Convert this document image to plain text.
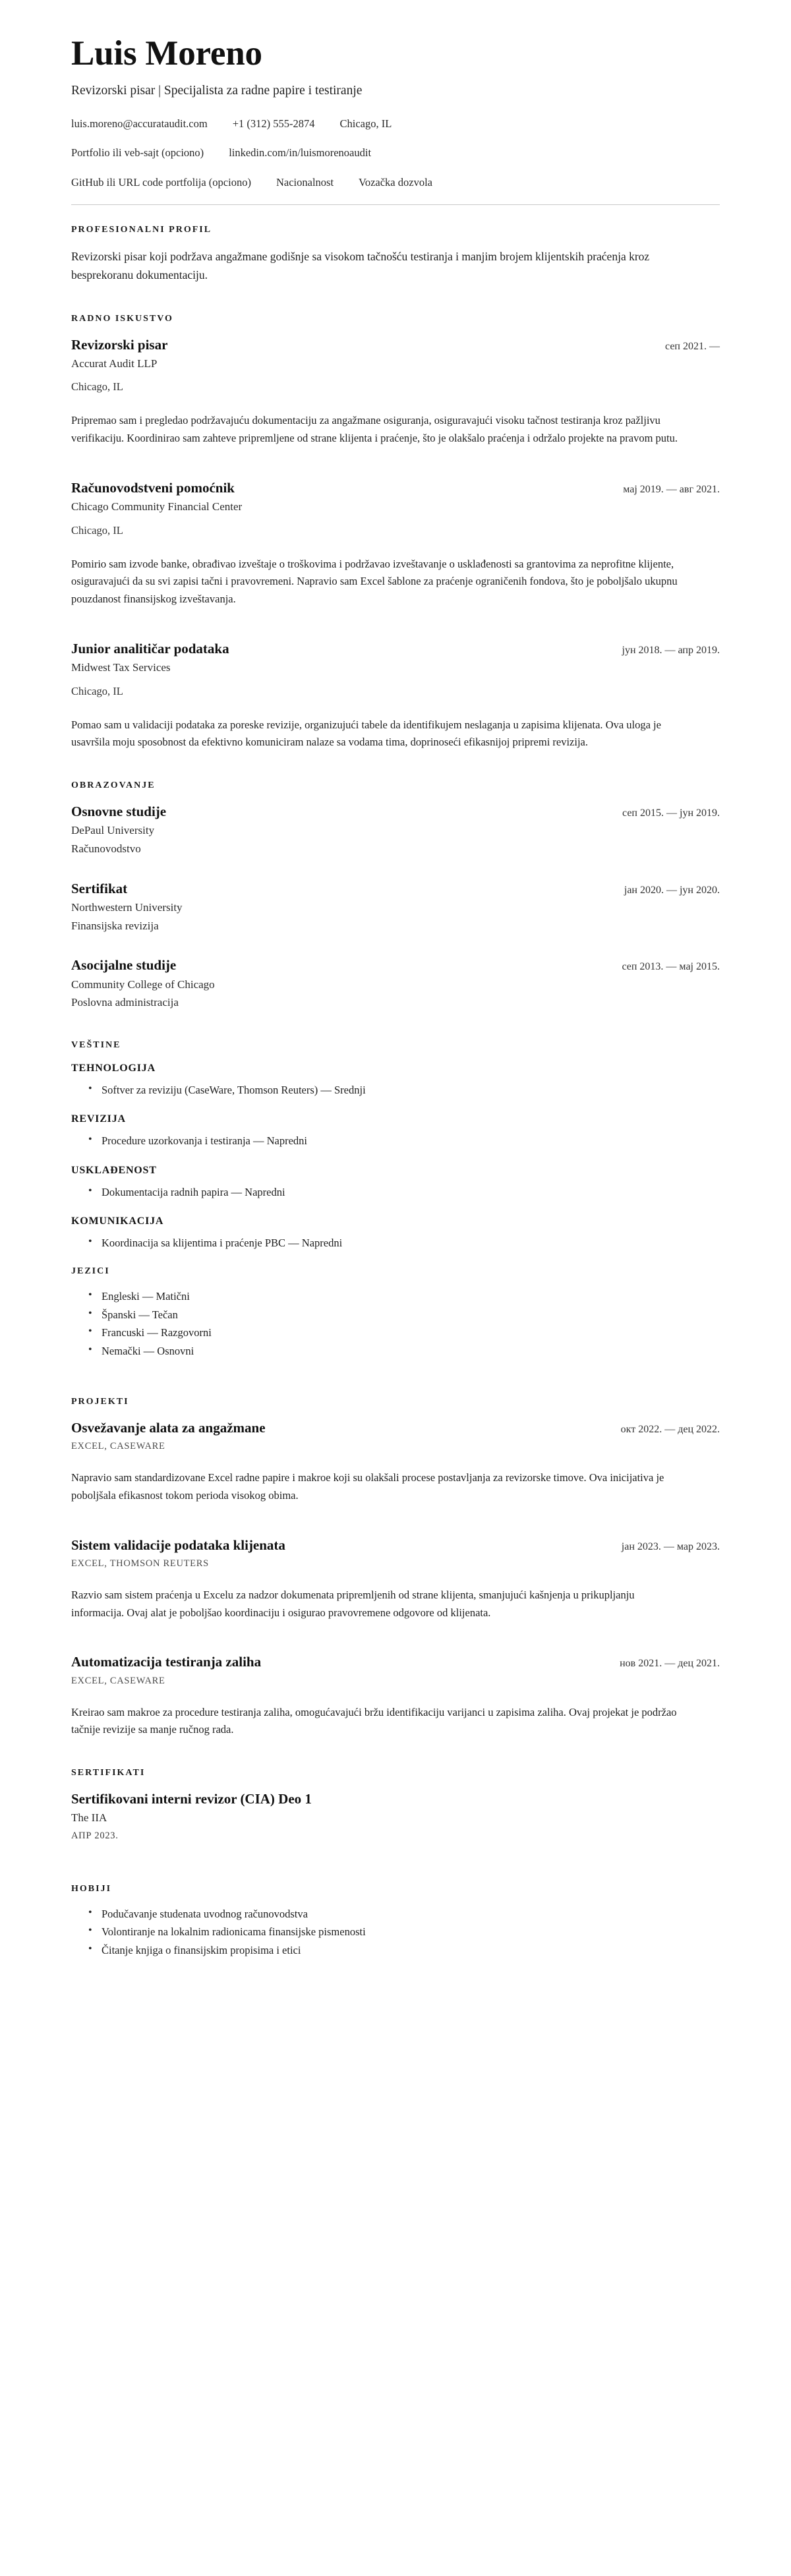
Luis Moreno

Revizorski pisar | Specijalista za radne papire i testiranje

luis.moreno@accurataudit.com +1 (312) 555-2874 Chicago, IL
Portfolio ili veb-sajt (opciono) linkedin.com/in/luismorenoaudit
GitHub ili URL code portfolija (opciono) Nacionalnost Vozačka dozvola
PROFESIONALNI PROFIL

Revizorski pisar koji podržava angažmane godišnje sa visokom tačnošću testiranja i manjim brojem klijentskih praćenja kroz besprekoranu dokumentaciju.

RADNO ISKUSTVO
Revizorski pisar	сеп 2021. —

Accurat Audit LLP

Chicago, IL

Pripremao sam i pregledao podržavajuću dokumentaciju za angažmane osiguranja, osiguravajući visoku tačnost testiranja kroz pažljivu verifikaciju. Koordinirao sam zahteve pripremljene od strane klijenta i praćenje, što je olakšalo praćenja i održalo projekte na pravom putu.

Računovodstveni pomoćnik	мај 2019. — авг 2021.

Chicago Community Financial Center

Chicago, IL

Pomirio sam izvode banke, obrađivao izveštaje o troškovima i podržavao izveštavanje o usklađenosti sa grantovima za neprofitne klijente, osiguravajući da su svi zapisi tačni i pravovremeni. Napravio sam Excel šablone za praćenje ograničenih fondova, što je poboljšalo ukupnu pouzdanost finansijskog izveštavanja.

Junior analitičar podataka	јун 2018. — апр 2019.

Midwest Tax Services

Chicago, IL

Pomao sam u validaciji podataka za poreske revizije, organizujući tabele da identifikujem neslaganja u zapisima klijenata. Ova uloga je usavršila moju sposobnost da efektivno komuniciram nalaze sa vodama tima, doprinoseći efikasnijoj pripremi revizija.

OBRAZOVANJE
Osnovne studije	сеп 2015. — јун 2019.

DePaul University

Računovodstvo

Sertifikat	јан 2020. — јун 2020.

Northwestern University

Finansijska revizija

Asocijalne studije	сеп 2013. — мај 2015.

Community College of Chicago

Poslovna administracija

VEŠTINE
TEHNOLOGIJA
• Softver za reviziju (CaseWare, Thomson Reuters) — Srednji
REVIZIJA
• Procedure uzorkovanja i testiranja — Napredni
USKLAĐENOST
• Dokumentacija radnih papira — Napredni
KOMUNIKACIJA
• Koordinacija sa klijentima i praćenje PBC — Napredni
JEZICI
• Engleski — Matični
• Španski — Tečan
• Francuski — Razgovorni
• Nemački — Osnovni
PROJEKTI
Osvežavanje alata za angažmane	окт 2022. — дец 2022.

EXCEL, CASEWARE

Napravio sam standardizovane Excel radne papire i makroe koji su olakšali procese postavljanja za revizorske timove. Ova inicijativa je poboljšala efikasnost tokom perioda visokog obima.

Sistem validacije podataka klijenata	јан 2023. — мар 2023.

EXCEL, THOMSON REUTERS

Razvio sam sistem praćenja u Excelu za nadzor dokumenata pripremljenih od strane klijenta, smanjujući kašnjenja u prikupljanju informacija. Ovaj alat je poboljšao koordinaciju i osigurao pravovremene odgovore od klijenata.

Automatizacija testiranja zaliha	нов 2021. — дец 2021.

EXCEL, CASEWARE

Kreirao sam makroe za procedure testiranja zaliha, omogućavajući bržu identifikaciju varijanci u zapisima zaliha. Ovaj projekat je podržao tačnije revizije sa manje ručnog rada.

SERTIFIKATI
Sertifikovani interni revizor (CIA) Deo 1

The IIA

АПР 2023.

HOBIJI
• Podučavanje studenata uvodnog računovodstva
• Volontiranje na lokalnim radionicama finansijske pismenosti
• Čitanje knjiga o finansijskim propisima i etici
